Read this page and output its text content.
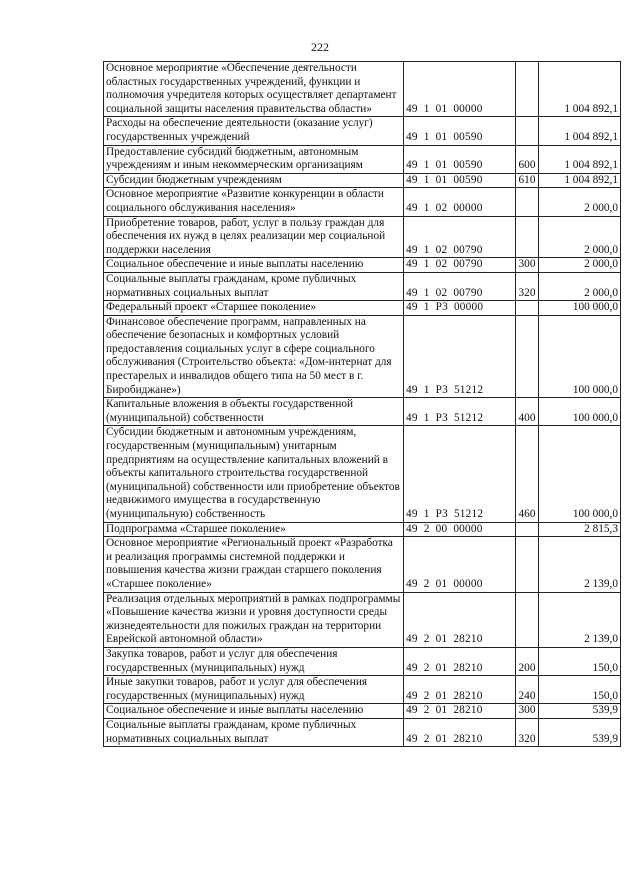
222
Основное мероприятие «Обеспечение деятельности областных государственных учреждений, функции и полномочия учредителя которых осуществляет департамент социальной защиты населения правительства области»	49 1 01 00000		1 004 892,1
Расходы на обеспечение деятельности (оказание услуг) государственных учреждений	49 1 01 00590		1 004 892,1
Предоставление субсидий бюджетным, автономным учреждениям и иным некоммерческим организациям	49 1 01 00590	600	1 004 892,1
Субсидии бюджетным учреждениям	49 1 01 00590	610	1 004 892,1
Основное мероприятие «Развитие конкуренции в области социального обслуживания населения»	49 1 02 00000		2 000,0
Приобретение товаров, работ, услуг в пользу граждан для обеспечения их нужд в целях реализации мер социальной поддержки населения	49 1 02 00790		2 000,0
Социальное обеспечение и иные выплаты населению	49 1 02 00790	300	2 000,0
Социальные выплаты гражданам, кроме публичных нормативных социальных выплат	49 1 02 00790	320	2 000,0
Федеральный проект «Старшее поколение»	49 1 P3 00000		100 000,0
Финансовое обеспечение программ, направленных на обеспечение безопасных и комфортных условий предоставления социальных услуг в сфере социального обслуживания (Строительство объекта: «Дом-интернат для престарелых и инвалидов общего типа на 50 мест в г. Биробиджане»)	49 1 P3 51212		100 000,0
Капитальные вложения в объекты государственной (муниципальной) собственности	49 1 P3 51212	400	100 000,0
Субсидии бюджетным и автономным учреждениям, государственным (муниципальным) унитарным предприятиям на осуществление капитальных вложений в объекты капитального строительства государственной (муниципальной) собственности или приобретение объектов недвижимого имущества в государственную (муниципальную) собственность	49 1 P3 51212	460	100 000,0
Подпрограмма «Старшее поколение»	49 2 00 00000		2 815,3
Основное мероприятие «Региональный проект «Разработка и реализация программы системной поддержки и повышения качества жизни граждан старшего поколения «Старшее поколение»	49 2 01 00000		2 139,0
Реализация отдельных мероприятий в рамках подпрограммы «Повышение качества жизни и уровня доступности среды жизнедеятельности для пожилых граждан на территории Еврейской автономной области»	49 2 01 28210		2 139,0
Закупка товаров, работ и услуг для обеспечения государственных (муниципальных) нужд	49 2 01 28210	200	150,0
Иные закупки товаров, работ и услуг для обеспечения государственных (муниципальных) нужд	49 2 01 28210	240	150,0
Социальное обеспечение и иные выплаты населению	49 2 01 28210	300	539,9
Социальные выплаты гражданам, кроме публичных нормативных социальных выплат	49 2 01 28210	320	539,9
